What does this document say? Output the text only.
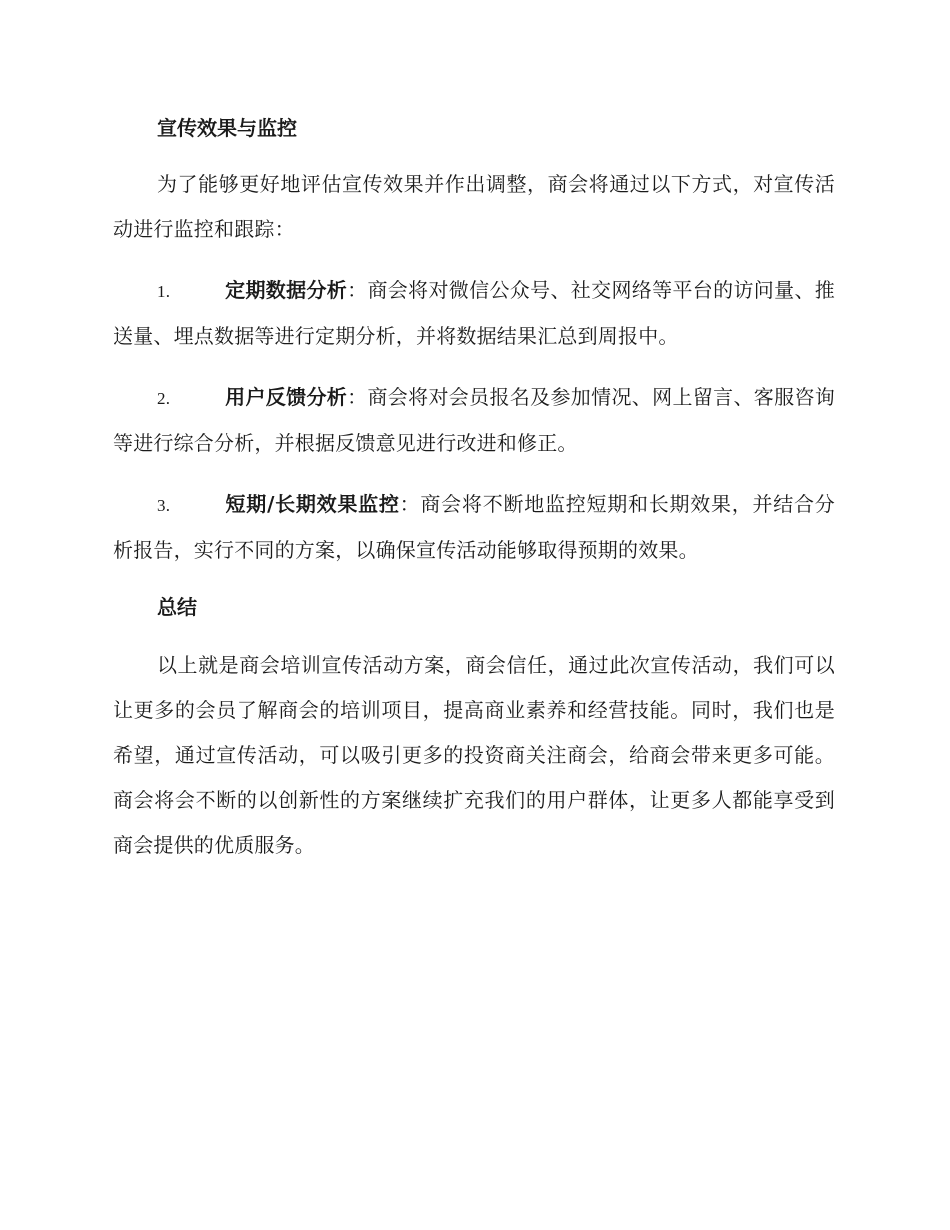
宣传效果与监控

为了能够更好地评估宣传效果并作出调整，商会将通过以下方式，对宣传活动进行监控和跟踪：

1.	定期数据分析：商会将对微信公众号、社交网络等平台的访问量、推送量、埋点数据等进行定期分析，并将数据结果汇总到周报中。
2.	用户反馈分析：商会将对会员报名及参加情况、网上留言、客服咨询等进行综合分析，并根据反馈意见进行改进和修正。
3.	短期/长期效果监控：商会将不断地监控短期和长期效果，并结合分析报告，实行不同的方案，以确保宣传活动能够取得预期的效果。
总结

以上就是商会培训宣传活动方案，商会信任，通过此次宣传活动，我们可以让更多的会员了解商会的培训项目，提高商业素养和经营技能。同时，我们也是希望，通过宣传活动，可以吸引更多的投资商关注商会，给商会带来更多可能。商会将会不断的以创新性的方案继续扩充我们的用户群体，让更多人都能享受到商会提供的优质服务。
